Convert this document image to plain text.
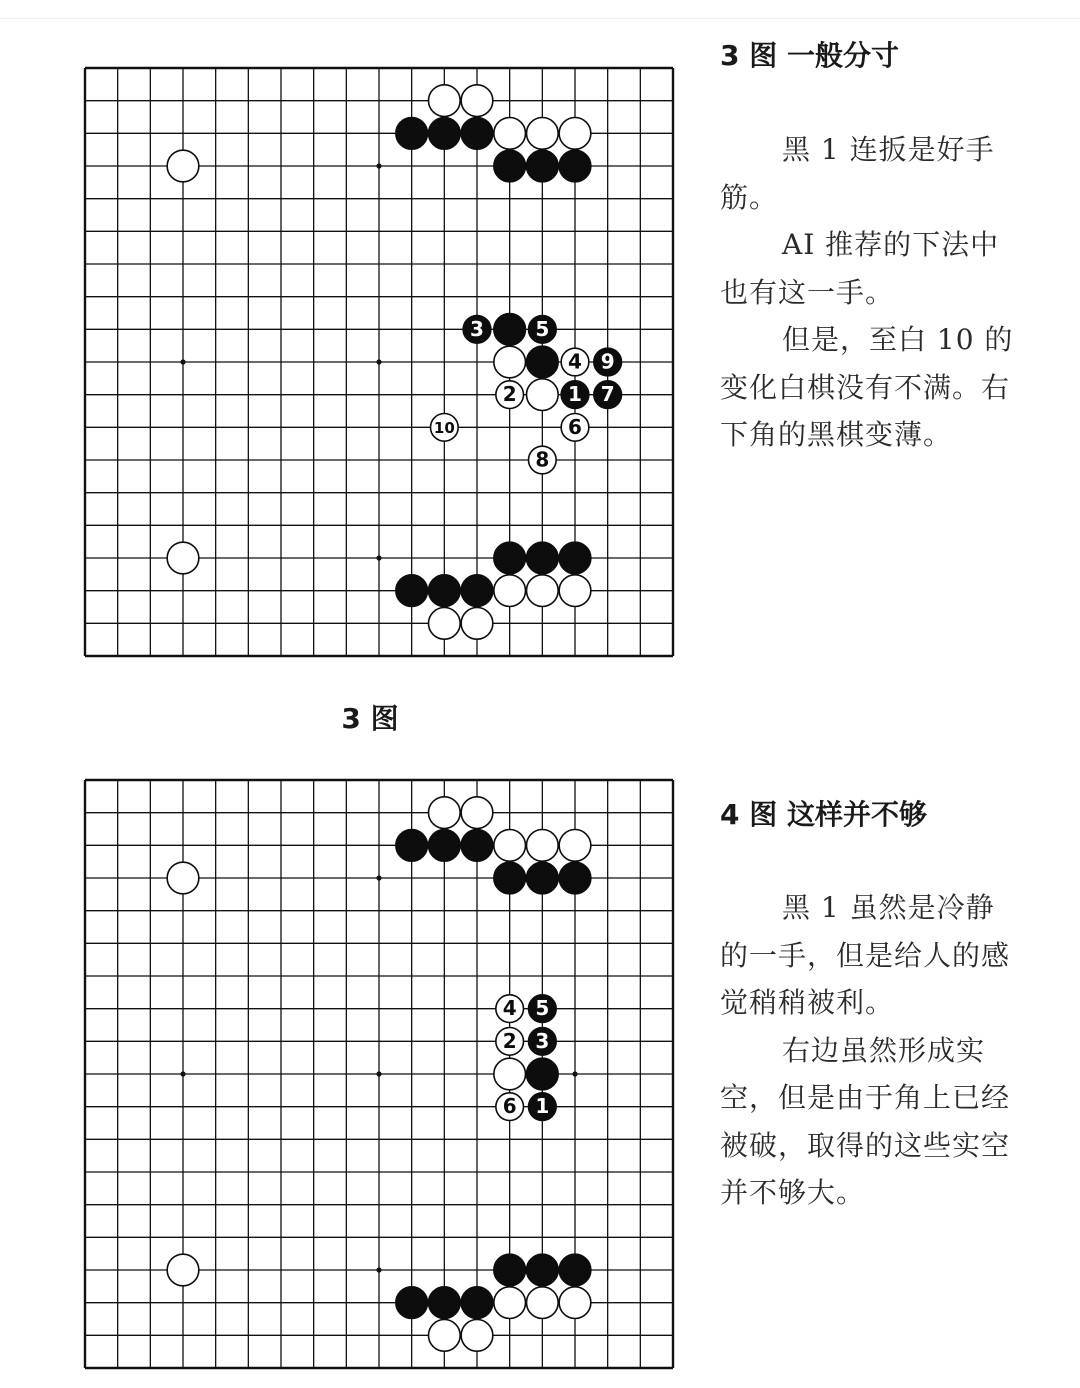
3	5
4 9
2	1 7
6
10
8
3 图
3 图 一般分寸

黑 1 连扳是好手筋。

AI 推荐的下法中也有这一手。

但是，至白 10 的变化白棋没有不满。右下角的黑棋变薄。

4 5
2 3
6 1
4 图 这样并不够

黑 1 虽然是冷静的一手，但是给人的感觉稍稍被利。

右边虽然形成实空，但是由于角上已经被破，取得的这些实空并不够大。
